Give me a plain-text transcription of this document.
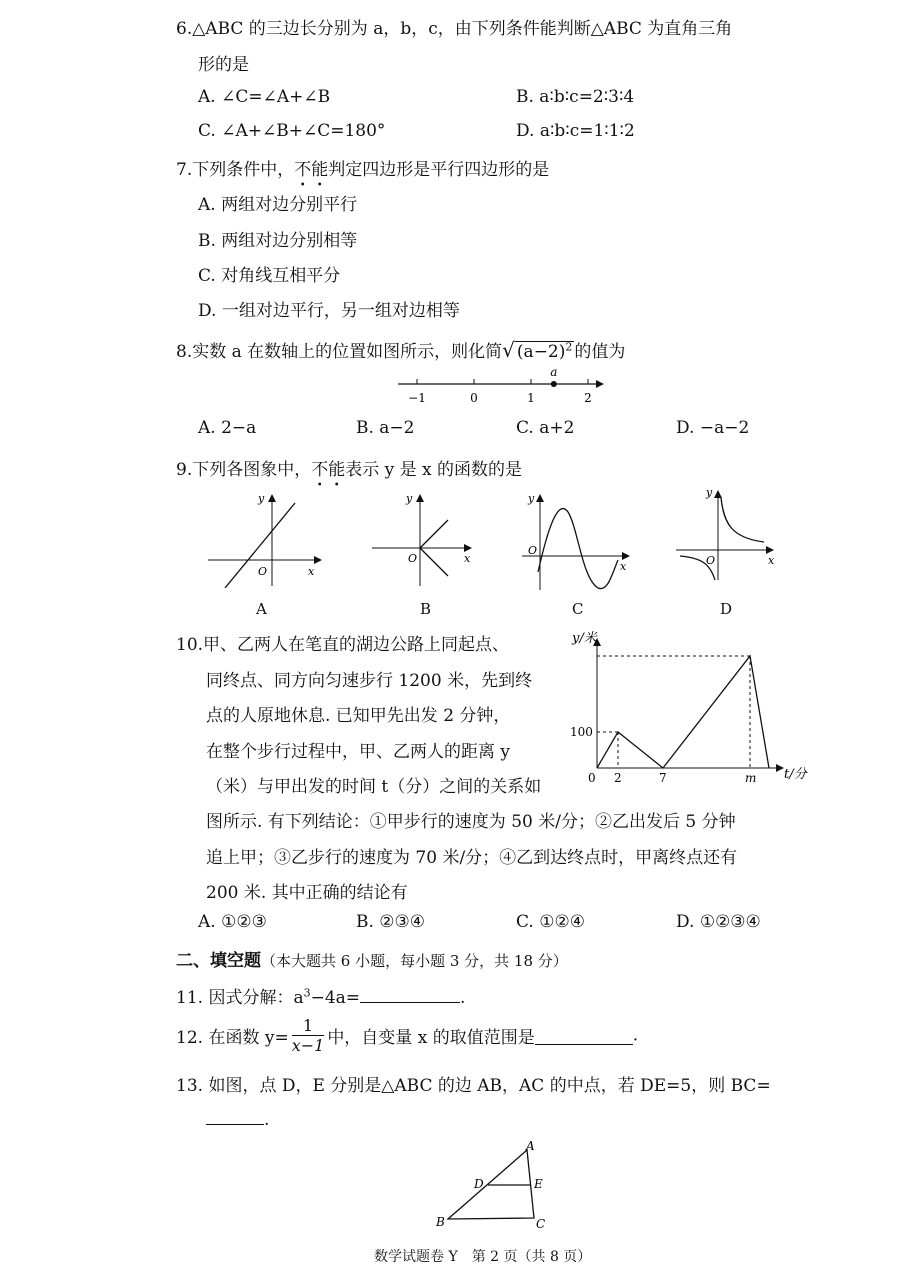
6.△ABC 的三边长分别为 a，b，c，由下列条件能判断△ABC 为直角三角
形的是
A. ∠C=∠A+∠B	B. a∶b∶c=2∶3∶4
C. ∠A+∠B+∠C=180°	D. a∶b∶c=1∶1∶2
7.下列条件中，不能判定四边形是平行四边形的是
A. 两组对边分别平行
B. 两组对边分别相等
C. 对角线互相平分
D. 一组对边平行，另一组对边相等
8.实数 a 在数轴上的位置如图所示，则化简√ $(a-2)^2$ 的值为
−1	0	1	2
a
A. 2−a	B. a−2	C. a+2	D. −a−2
9.下列各图象中，不能表示 y 是 x 的函数的是
x
y
O
A
x
y
O
B
x
y
O
C
x
y
O
D
10.甲、乙两人在笔直的湖边公路上同起点、
同终点、同方向匀速步行 1200 米，先到终
点的人原地休息. 已知甲先出发 2 分钟，
在整个步行过程中，甲、乙两人的距离 y
（米）与甲出发的时间 t（分）之间的关系如
图所示. 有下列结论：①甲步行的速度为 50 米/分；②乙出发后 5 分钟
追上甲；③乙步行的速度为 70 米/分；④乙到达终点时，甲离终点还有
200 米. 其中正确的结论有
y/米
t/分
100
0 2	7	m
A. ①②③	B. ②③④	C. ①②④	D. ①②③④
二、填空题（本大题共 6 小题，每小题 3 分，共 18 分）
11. 因式分解：$a^3-4a=$	.
12. 在函数 $y= \frac{1}{x-1}$ 中，自变量 x 的取值范围是	.
13. 如图，点 D，E 分别是△ABC 的边 AB，AC 的中点，若 DE=5，则 BC=
.
A
B	C
D	E
数学试题卷 Y　第 2 页（共 8 页）
